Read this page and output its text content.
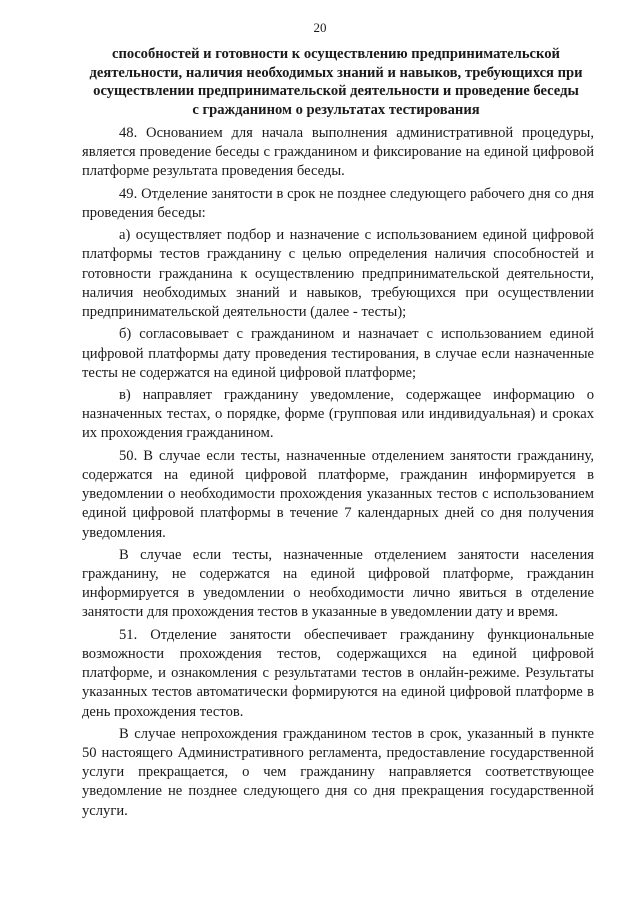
20
способностей и готовности к осуществлению предпринимательской
деятельности, наличия необходимых знаний и навыков, требующихся при
осуществлении предпринимательской деятельности и проведение беседы
с гражданином о результатах тестирования

48. Основанием для начала выполнения административной процедуры, является проведение беседы с гражданином и фиксирование на единой цифровой платформе результата проведения беседы.

49. Отделение занятости в срок не позднее следующего рабочего дня со дня проведения беседы:

а) осуществляет подбор и назначение с использованием единой цифровой платформы тестов гражданину с целью определения наличия способностей и готовности гражданина к осуществлению предпринимательской деятельности, наличия необходимых знаний и навыков, требующихся при осуществлении предпринимательской деятельности (далее - тесты);

б) согласовывает с гражданином и назначает с использованием единой цифровой платформы дату проведения тестирования, в случае если назначенные тесты не содержатся на единой цифровой платформе;

в) направляет гражданину уведомление, содержащее информацию о назначенных тестах, о порядке, форме (групповая или индивидуальная) и сроках их прохождения гражданином.

50. В случае если тесты, назначенные отделением занятости гражданину, содержатся на единой цифровой платформе, гражданин информируется в уведомлении о необходимости прохождения указанных тестов с использованием единой цифровой платформы в течение 7 календарных дней со дня получения уведомления.

В случае если тесты, назначенные отделением занятости населения гражданину, не содержатся на единой цифровой платформе, гражданин информируется в уведомлении о необходимости лично явиться в отделение занятости для прохождения тестов в указанные в уведомлении дату и время.

51. Отделение занятости обеспечивает гражданину функциональные возможности прохождения тестов, содержащихся на единой цифровой платформе, и ознакомления с результатами тестов в онлайн-режиме. Результаты указанных тестов автоматически формируются на единой цифровой платформе в день прохождения тестов.

В случае непрохождения гражданином тестов в срок, указанный в пункте 50 настоящего Административного регламента, предоставление государственной услуги прекращается, о чем гражданину направляется соответствующее уведомление не позднее следующего дня со дня прекращения государственной услуги.
